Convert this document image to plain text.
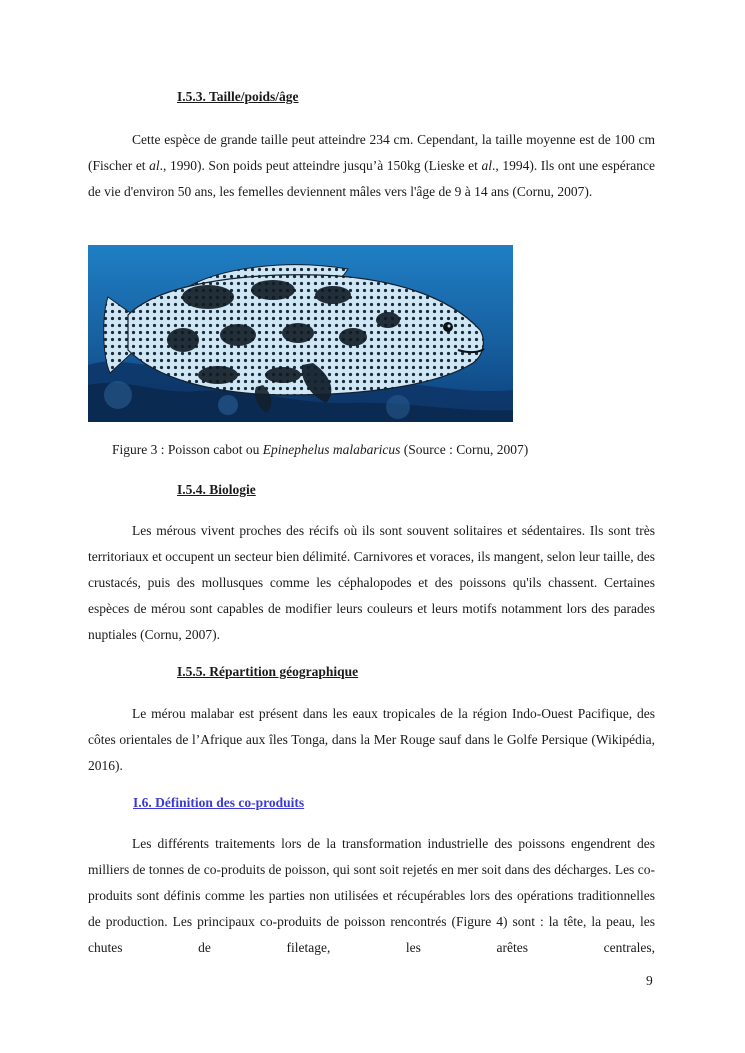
I.5.3. Taille/poids/âge

Cette espèce de grande taille peut atteindre 234 cm. Cependant, la taille moyenne est de 100 cm (Fischer et al., 1990). Son poids peut atteindre jusqu’à 150kg (Lieske et al., 1994). Ils ont une espérance de vie d'environ 50 ans, les femelles deviennent mâles vers l'âge de 9 à 14 ans (Cornu, 2007).

Figure 3 : Poisson cabot ou Epinephelus malabaricus (Source : Cornu, 2007)
I.5.4. Biologie

Les mérous vivent proches des récifs où ils sont souvent solitaires et sédentaires. Ils sont très territoriaux et occupent un secteur bien délimité. Carnivores et voraces, ils mangent, selon leur taille, des crustacés, puis des mollusques comme les céphalopodes et des poissons qu'ils chassent. Certaines espèces de mérou sont capables de modifier leurs couleurs et leurs motifs notamment lors des parades nuptiales (Cornu, 2007).

I.5.5. Répartition géographique

Le mérou malabar est présent dans les eaux tropicales de la région Indo-Ouest Pacifique, des côtes orientales de l’Afrique aux îles Tonga, dans la Mer Rouge sauf dans le Golfe Persique (Wikipédia, 2016).

I.6. Définition des co-produits

Les différents traitements lors de la transformation industrielle des poissons engendrent des milliers de tonnes de co-produits de poisson, qui sont soit rejetés en mer soit dans des décharges. Les co-produits sont définis comme les parties non utilisées et récupérables lors des opérations traditionnelles de production. Les principaux co-produits de poisson rencontrés (Figure 4) sont : la tête, la peau, les chutes de filetage, les arêtes centrales,

9
